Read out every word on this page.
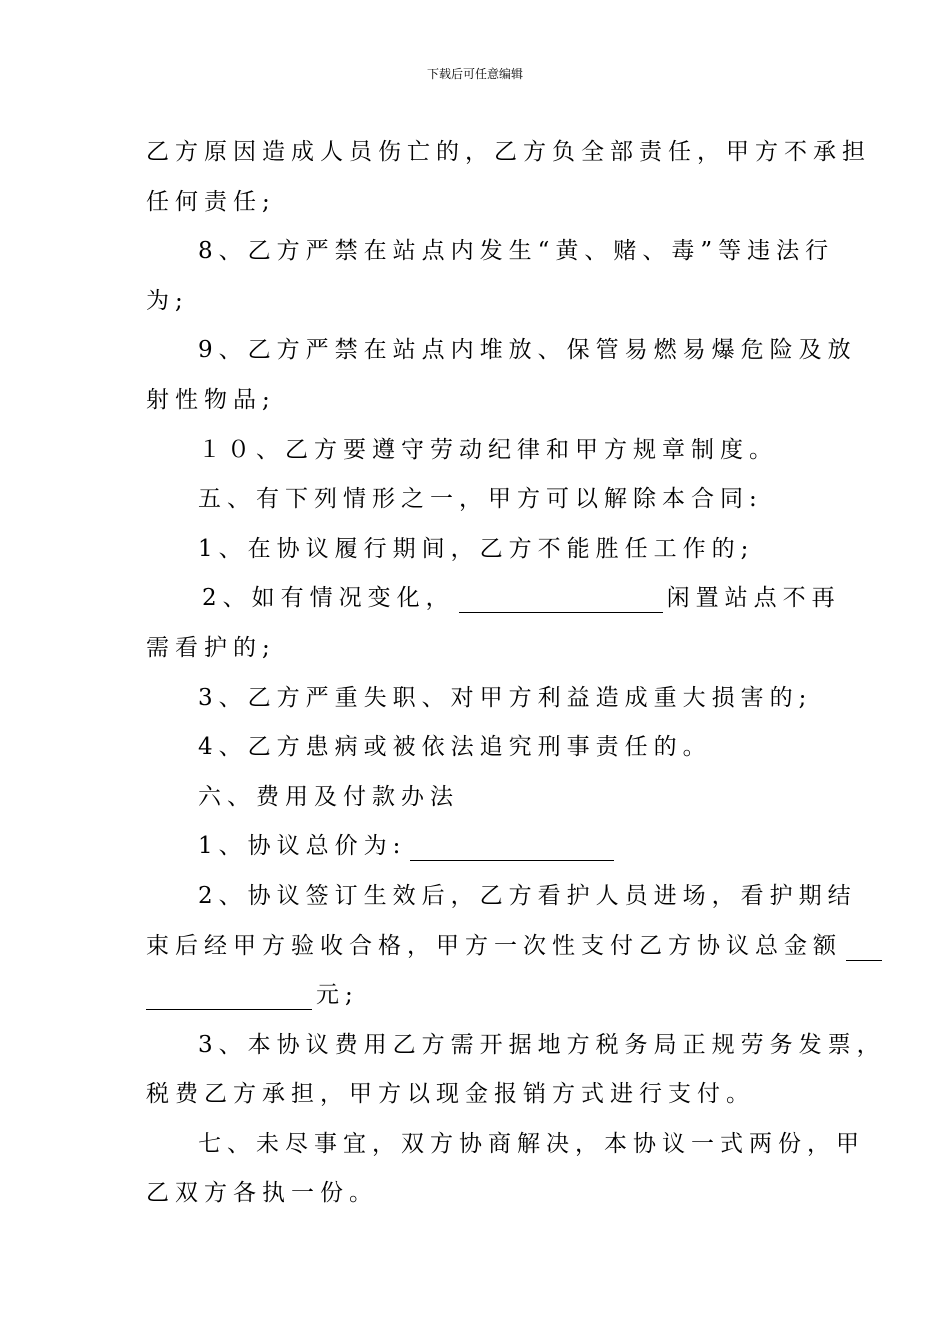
下载后可任意编辑
乙方原因造成人员伤亡的，乙方负全部责任，甲方不承担
任何责任;
8、乙方严禁在站点内发生“黄、赌、毒”等违法行
为;
9、乙方严禁在站点内堆放、保管易燃易爆危险及放
射性物品;
１０、乙方要遵守劳动纪律和甲方规章制度。
五、有下列情形之一，甲方可以解除本合同:
1、在协议履行期间，乙方不能胜任工作的;
2、如有情况变化，	闲置站点不再
需看护的;
3、乙方严重失职、对甲方利益造成重大损害的;
4、乙方患病或被依法追究刑事责任的。
六、费用及付款办法
1、协议总价为:
2、协议签订生效后，乙方看护人员进场，看护期结
束后经甲方验收合格，甲方一次性支付乙方协议总金额
元;
3、本协议费用乙方需开据地方税务局正规劳务发票，
税费乙方承担，甲方以现金报销方式进行支付。
七、未尽事宜，双方协商解决，本协议一式两份，甲
乙双方各执一份。
